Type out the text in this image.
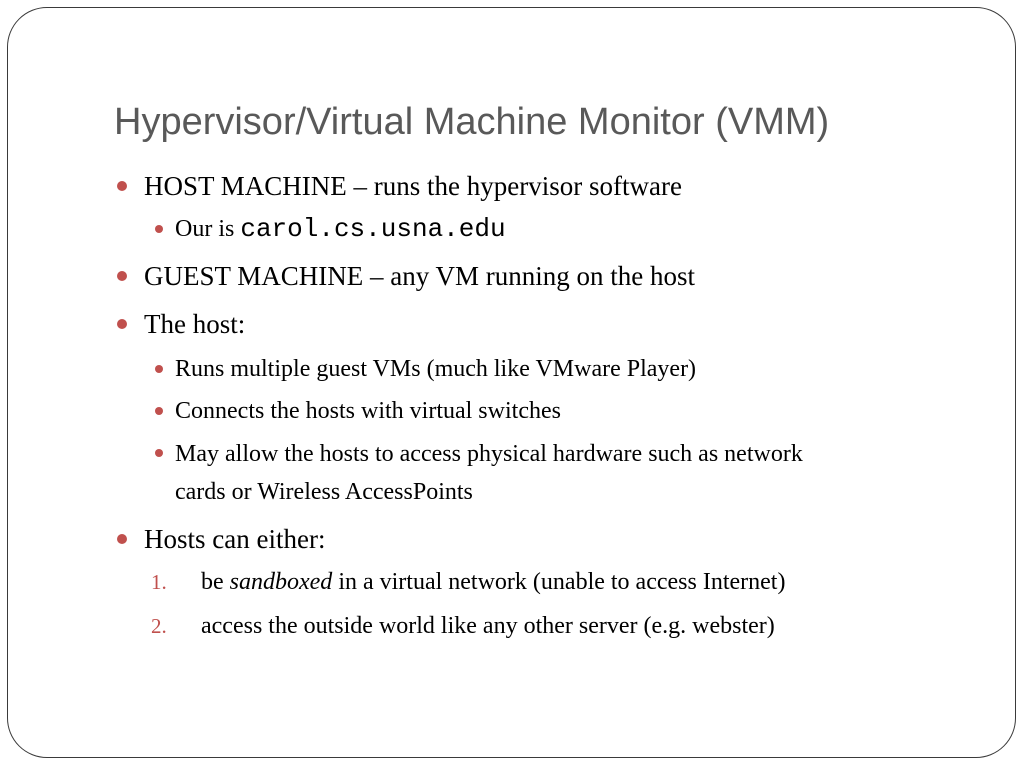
Hypervisor/Virtual Machine Monitor (VMM)
HOST MACHINE – runs the hypervisor software
Our is carol.cs.usna.edu
GUEST MACHINE – any VM running on the host
The host:
Runs multiple guest VMs (much like VMware Player)
Connects the hosts with virtual switches
May allow the hosts to access physical hardware such as network
cards or Wireless AccessPoints
Hosts can either:
1. be sandboxed in a virtual network (unable to access Internet)
2. access the outside world like any other server (e.g. webster)
